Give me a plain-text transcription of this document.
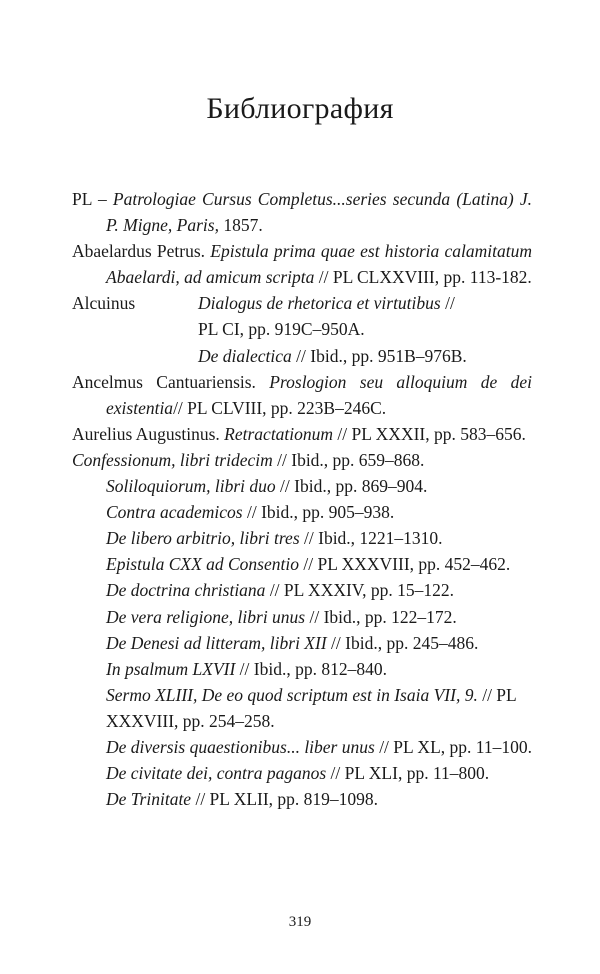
Библиография
PL – Patrologiae Cursus Completus...series secunda (Latina) J. P. Migne, Paris, 1857.
Abaelardus Petrus. Epistula prima quae est historia calamitatum Abaelardi, ad amicum scripta // PL CLXXVIII, pp. 113-182.
Alcuinus	Dialogus de rhetorica et virtutibus //
PL CI, pp. 919C–950A.
De dialectica // Ibid., pp. 951B–976B.
Ancelmus Cantuariensis. Proslogion seu alloquium de dei existentia// PL CLVIII, pp. 223B–246C.
Aurelius Augustinus. Retractationum // PL XXXII, pp. 583–656.
Confessionum, libri tridecim // Ibid., pp. 659–868.
Soliloquiorum, libri duo // Ibid., pp. 869–904.
Contra academicos // Ibid., pp. 905–938.
De libero arbitrio, libri tres // Ibid., 1221–1310.
Epistula CXX ad Consentio // PL XXXVIII, pp. 452–462.
De doctrina christiana // PL XXXIV, pp. 15–122.
De vera religione, libri unus // Ibid., pp. 122–172.
De Denesi ad litteram, libri XII // Ibid., pp. 245–486.
In psalmum LXVII // Ibid., pp. 812–840.
Sermo XLIII, De eo quod scriptum est in Isaia VII, 9. // PL XXXVIII, pp. 254–258.
De diversis quaestionibus... liber unus // PL XL, pp. 11–100.
De civitate dei, contra paganos // PL XLI, pp. 11–800.
De Trinitate // PL XLII, pp. 819–1098.
319
